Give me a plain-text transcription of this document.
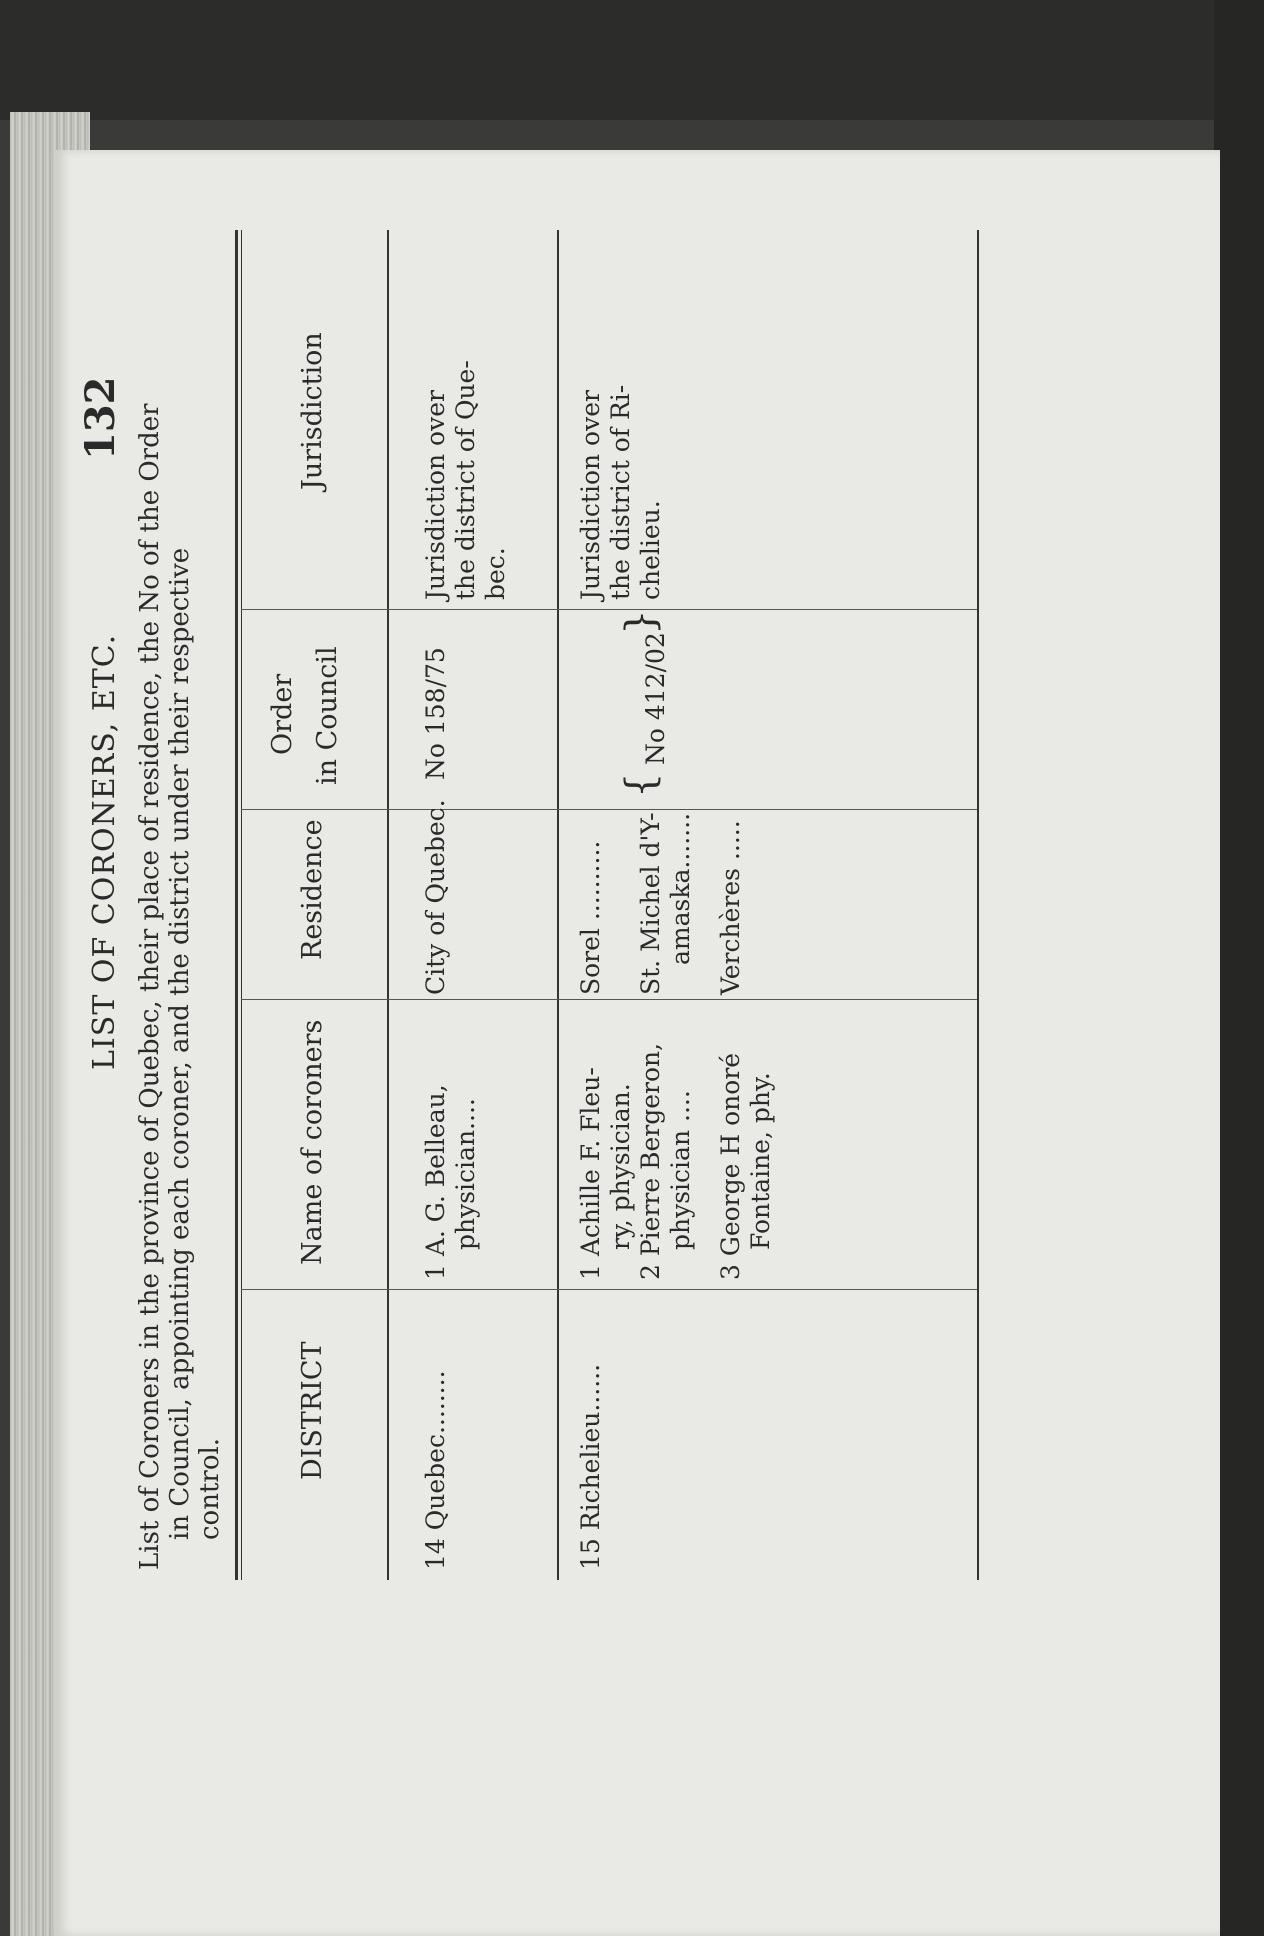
132
LIST OF CORONERS, ETC. List of Coroners in the province of Quebec, their place of residence, the No of the Order in Council, appointing each coroner, and the district under their respective control.
DISTRICT
Name of coroners
Residence
Order in Council
Jurisdiction
14 Quebec........
1 A. G. Belleau, physician....
City of Quebec.
No 158/75
Jurisdiction over the district of Que- bec.
15 Richelieu......
1 Achille F. Fleu- ry, physician. 2 Pierre Bergeron, physician .... 3 George H onoré Fontaine, phy.
Sorel .......... St. Michel d'Y- amaska....... Verchères .....
{
No 412/02
}
Jurisdiction over the district of Ri- chelieu.
